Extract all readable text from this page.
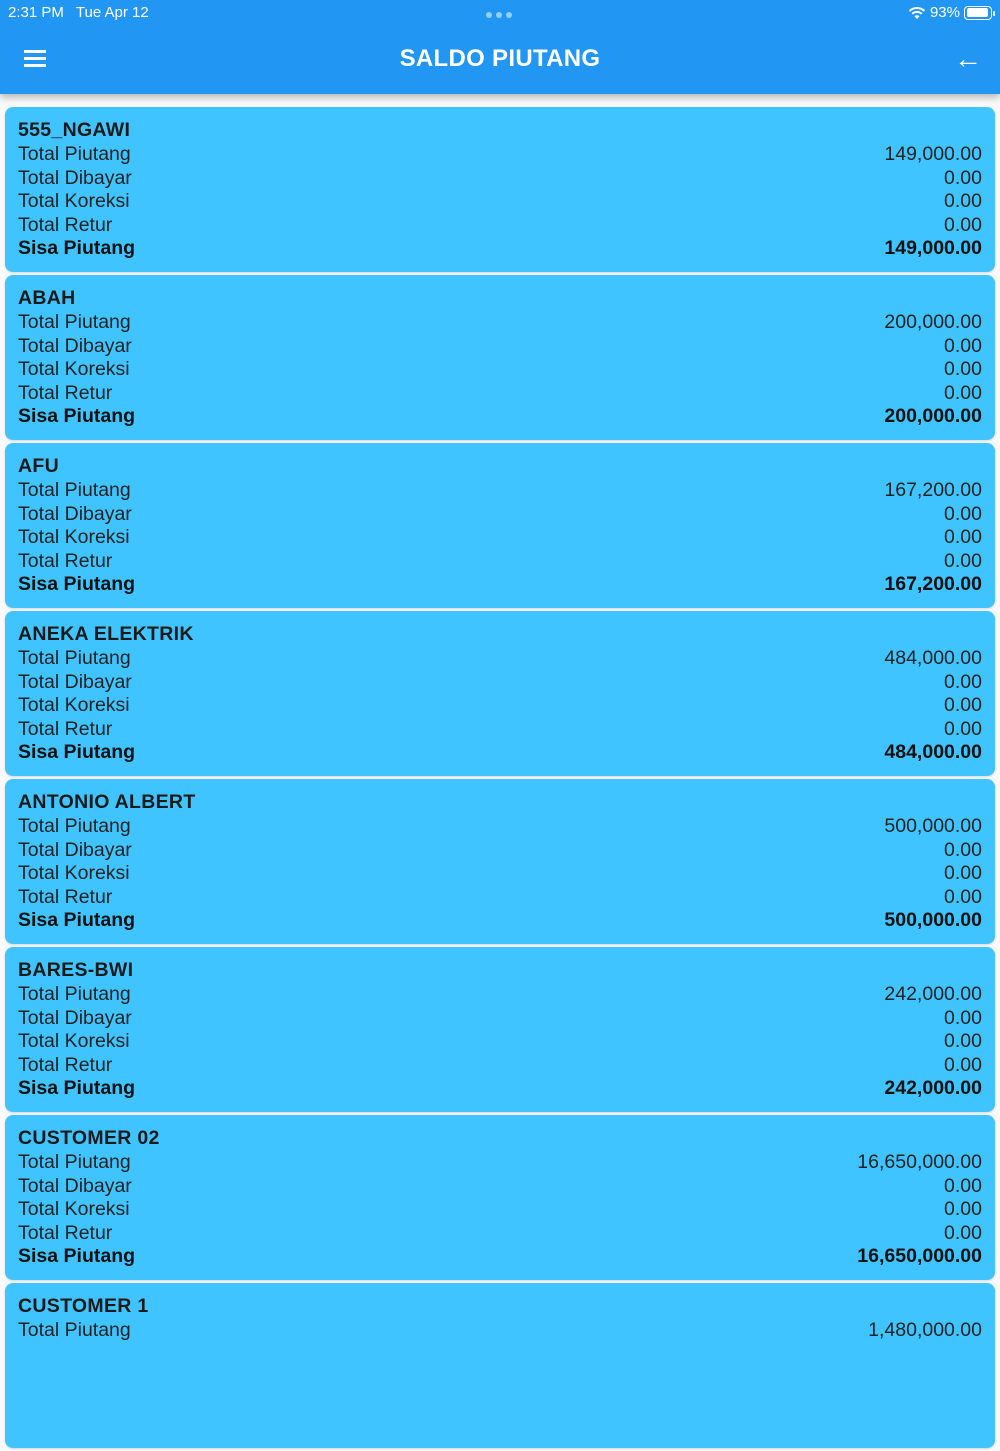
2:31 PM Tue Apr 12	93%
SALDO PIUTANG	←
555_NGAWI
Total Piutang	149,000.00
Total Dibayar	0.00
Total Koreksi	0.00
Total Retur	0.00
Sisa Piutang	149,000.00
ABAH
Total Piutang	200,000.00
Total Dibayar	0.00
Total Koreksi	0.00
Total Retur	0.00
Sisa Piutang	200,000.00
AFU
Total Piutang	167,200.00
Total Dibayar	0.00
Total Koreksi	0.00
Total Retur	0.00
Sisa Piutang	167,200.00
ANEKA ELEKTRIK
Total Piutang	484,000.00
Total Dibayar	0.00
Total Koreksi	0.00
Total Retur	0.00
Sisa Piutang	484,000.00
ANTONIO ALBERT
Total Piutang	500,000.00
Total Dibayar	0.00
Total Koreksi	0.00
Total Retur	0.00
Sisa Piutang	500,000.00
BARES-BWI
Total Piutang	242,000.00
Total Dibayar	0.00
Total Koreksi	0.00
Total Retur	0.00
Sisa Piutang	242,000.00
CUSTOMER 02
Total Piutang	16,650,000.00
Total Dibayar	0.00
Total Koreksi	0.00
Total Retur	0.00
Sisa Piutang	16,650,000.00
CUSTOMER 1
Total Piutang	1,480,000.00
